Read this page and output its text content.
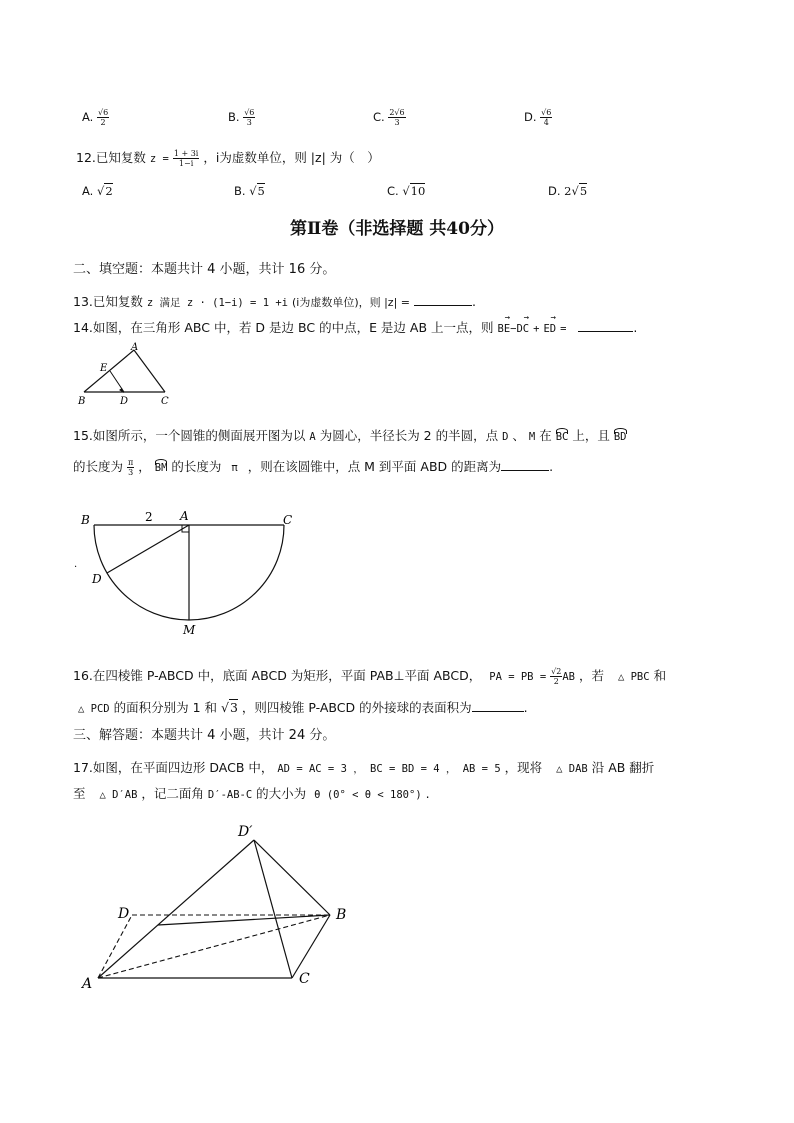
A. $\frac{√6}{2}$	B. $\frac{√6}{3}$	C. $\frac{2√6}{3}$	D. $\frac{√6}{4}$
12.已知复数 $z = \frac{1 + 3i}{1-i}$ ，i为虚数单位，则 |z| 为（　）
A. √2	B. √5	C. √10	D. 2√5
第Ⅱ卷（非选择题 共40分）
二、填空题：本题共计 4 小题，共计 16 分。
13.已知复数 z 满足 z · (1−i) = 1 +i (i为虚数单位)，则 |z| =	.
14.如图，在三角形 ABC 中，若 D 是边 BC 的中点，E 是边 AB 上一点，则 → BE−→ DC + → ED =	.
A
B	C
D
E
15.如图所示，一个圆锥的侧面展开图为以 A 为圆心，半径长为 2 的半圆，点 D 、 M 在 BC 上，且 BD
的长度为 $\frac{\pi}{3}$ ， BM 的长度为 π ，则在该圆锥中，点 M 到平面 ABD 的距离为	.
B	2 A	C
D
M
.
16.在四棱锥 P-ABCD 中，底面 ABCD 为矩形，平面 PAB⊥平面 ABCD， PA = PB = $\frac{√2}{2}$ AB ，若 △ PBC 和
△ PCD 的面积分别为 1 和 √3 ，则四棱锥 P-ABCD 的外接球的表面积为	.
三、解答题：本题共计 4 小题，共计 24 分。
17.如图，在平面四边形 DACB 中， AD = AC = 3 ， BC = BD = 4 ， AB = 5 ，现将 △ DAB 沿 AB 翻折
至 △ D′AB ，记二面角 D′-AB-C 的大小为 θ (0° < θ < 180°) .
D′
D	B
A	C
